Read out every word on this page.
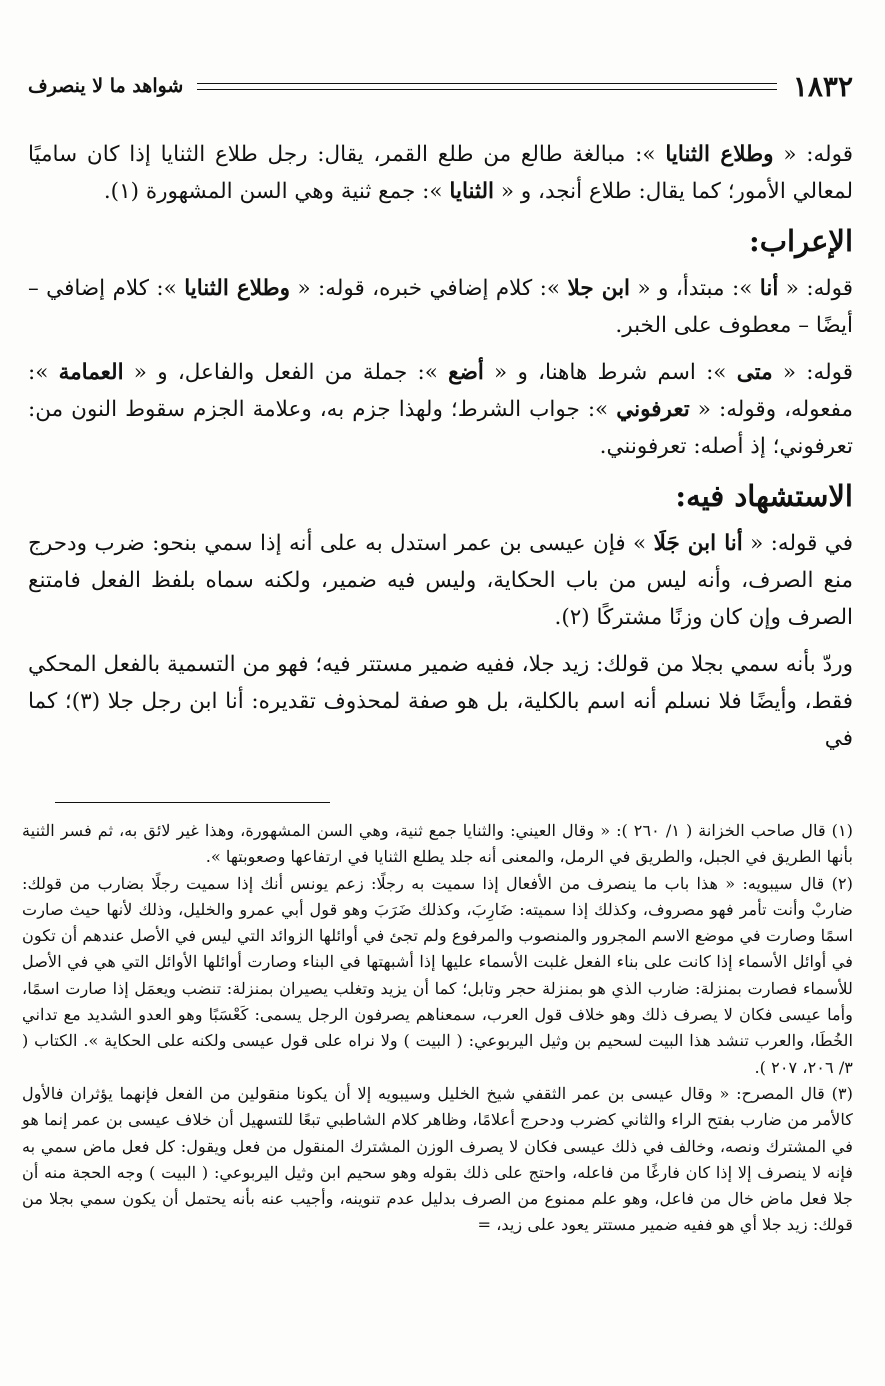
١٨٣٢
شواهد ما لا ينصرف

قوله: « وطلاع الثنايا »: مبالغة طالع من طلع القمر، يقال: رجل طلاع الثنايا إذا كان ساميًا لمعالي الأمور؛ كما يقال: طلاع أنجد، و « الثنايا »: جمع ثنية وهي السن المشهورة (١).

الإعراب:

قوله: « أنا »: مبتدأ، و « ابن جلا »: كلام إضافي خبره، قوله: « وطلاع الثنايا »: كلام إضافي – أيضًا – معطوف على الخبر.

قوله: « متى »: اسم شرط هاهنا، و « أضع »: جملة من الفعل والفاعل، و « العمامة »: مفعوله، وقوله: « تعرفوني »: جواب الشرط؛ ولهذا جزم به، وعلامة الجزم سقوط النون من: تعرفوني؛ إذ أصله: تعرفونني.

الاستشهاد فيه:

في قوله: « أنا ابن جَلَا » فإن عيسى بن عمر استدل به على أنه إذا سمي بنحو: ضرب ودحرج منع الصرف، وأنه ليس من باب الحكاية، وليس فيه ضمير، ولكنه سماه بلفظ الفعل فامتنع الصرف وإن كان وزنًا مشتركًا (٢).

وردّ بأنه سمي بجلا من قولك: زيد جلا، ففيه ضمير مستتر فيه؛ فهو من التسمية بالفعل المحكي فقط، وأيضًا فلا نسلم أنه اسم بالكلية، بل هو صفة لمحذوف تقديره: أنا ابن رجل جلا (٣)؛ كما في

(١) قال صاحب الخزانة ( ١/ ٢٦٠ ): « وقال العيني: والثنايا جمع ثنية، وهي السن المشهورة، وهذا غير لائق به، ثم فسر الثنية بأنها الطريق في الجبل، والطريق في الرمل، والمعنى أنه جلد يطلع الثنايا في ارتفاعها وصعوبتها ».

(٢) قال سيبويه: « هذا باب ما ينصرف من الأفعال إذا سميت به رجلًا: زعم يونس أنك إذا سميت رجلًا بضارب من قولك: ضاربْ وأنت تأمر فهو مصروف، وكذلك إذا سميته: ضَارِبَ، وكذلك ضَرَبَ وهو قول أبي عمرو والخليل، وذلك لأنها حيث صارت اسمًا وصارت في موضع الاسم المجرور والمنصوب والمرفوع ولم تجئ في أوائلها الزوائد التي ليس في الأصل عندهم أن تكون في أوائل الأسماء إذا كانت على بناء الفعل غلبت الأسماء عليها إذا أشبهتها في البناء وصارت أوائلها الأوائل التي هي في الأصل للأسماء فصارت بمنزلة: ضارب الذي هو بمنزلة حجر وتابل؛ كما أن يزيد وتغلب يصيران بمنزلة: تنضب ويعمَل إذا صارت اسمًا، وأما عيسى فكان لا يصرف ذلك وهو خلاف قول العرب، سمعناهم يصرفون الرجل يسمى: كَعْسَبًا وهو العدو الشديد مع تداني الخُطَا، والعرب تنشد هذا البيت لسحيم بن وثيل اليربوعي: ( البيت ) ولا نراه على قول عيسى ولكنه على الحكاية ». الكتاب ( ٣/ ٢٠٦، ٢٠٧ ).

(٣) قال المصرح: « وقال عيسى بن عمر الثقفي شيخ الخليل وسيبويه إلا أن يكونا منقولين من الفعل فإنهما يؤثران فالأول كالأمر من ضارب بفتح الراء والثاني كضرب ودحرج أعلامًا، وظاهر كلام الشاطبي تبعًا للتسهيل أن خلاف عيسى بن عمر إنما هو في المشترك ونصه، وخالف في ذلك عيسى فكان لا يصرف الوزن المشترك المنقول من فعل ويقول: كل فعل ماض سمي به فإنه لا ينصرف إلا إذا كان فارغًا من فاعله، واحتج على ذلك بقوله وهو سحيم ابن وثيل اليربوعي: ( البيت ) وجه الحجة منه أن جلا فعل ماض خال من فاعل، وهو علم ممنوع من الصرف بدليل عدم تنوينه، وأجيب عنه بأنه يحتمل أن يكون سمي بجلا من قولك: زيد جلا أي هو ففيه ضمير مستتر يعود على زيد، =
